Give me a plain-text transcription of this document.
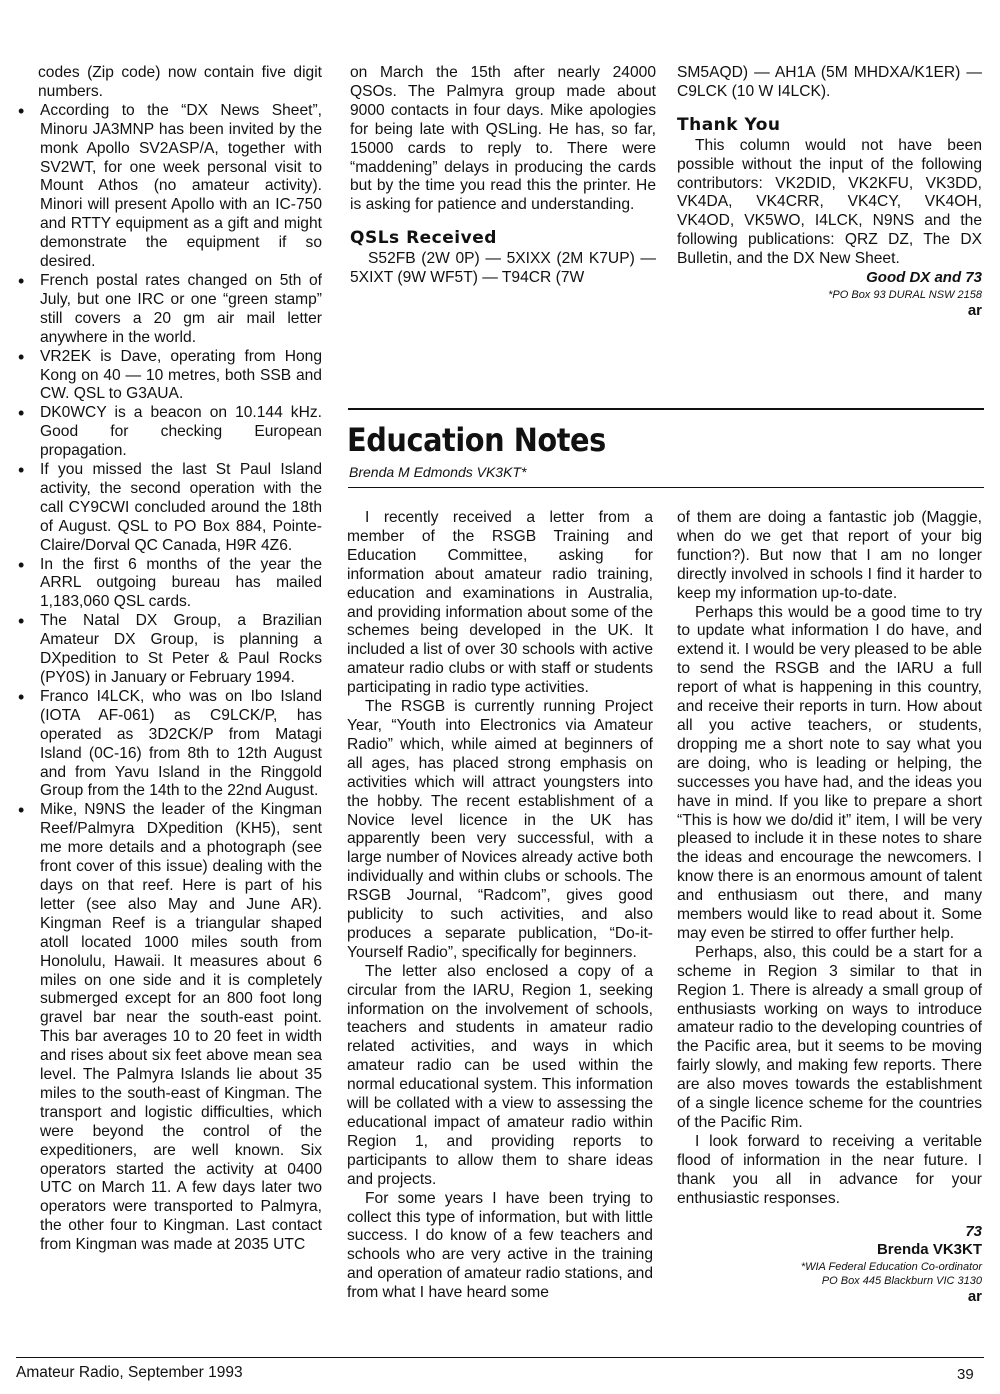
codes (Zip code) now contain five digit numbers.

• According to the “DX News Sheet”, Minoru JA3MNP has been invited by the monk Apollo SV2ASP/A, together with SV2WT, for one week personal visit to Mount Athos (no amateur activity). Minori will present Apollo with an IC-750 and RTTY equipment as a gift and might demonstrate the equipment if so desired.
• French postal rates changed on 5th of July, but one IRC or one “green stamp” still covers a 20 gm air mail letter anywhere in the world.
• VR2EK is Dave, operating from Hong Kong on 40 — 10 metres, both SSB and CW. QSL to G3AUA.
• DK0WCY is a beacon on 10.144 kHz. Good for checking European propagation.
• If you missed the last St Paul Island activity, the second operation with the call CY9CWI concluded around the 18th of August. QSL to PO Box 884, Pointe-Claire/Dorval QC Canada, H9R 4Z6.
• In the first 6 months of the year the ARRL outgoing bureau has mailed 1,183,060 QSL cards.
• The Natal DX Group, a Brazilian Amateur DX Group, is planning a DXpedition to St Peter & Paul Rocks (PY0S) in January or February 1994.
• Franco I4LCK, who was on Ibo Island (IOTA AF-061) as C9LCK/P, has operated as 3D2CK/P from Matagi Island (0C-16) from 8th to 12th August and from Yavu Island in the Ringgold Group from the 14th to the 22nd August.
• Mike, N9NS the leader of the Kingman Reef/Palmyra DXpedition (KH5), sent me more details and a photograph (see front cover of this issue) dealing with the days on that reef. Here is part of his letter (see also May and June AR). Kingman Reef is a triangular shaped atoll located 1000 miles south from Honolulu, Hawaii. It measures about 6 miles on one side and it is completely submerged except for an 800 foot long gravel bar near the south-east point. This bar averages 10 to 20 feet in width and rises about six feet above mean sea level. The Palmyra Islands lie about 35 miles to the south-east of Kingman. The transport and logistic difficulties, which were beyond the control of the expeditioners, are well known. Six operators started the activity at 0400 UTC on March 11. A few days later two operators were transported to Palmyra, the other four to Kingman. Last contact from Kingman was made at 2035 UTC

on March the 15th after nearly 24000 QSOs. The Palmyra group made about 9000 contacts in four days. Mike apologies for being late with QSLing. He has, so far, 15000 cards to reply to. There were “maddening” delays in producing the cards but by the time you read this the printer. He is asking for patience and understanding.

QSLs Received

S52FB (2W 0P) — 5XIXX (2M K7UP) — 5XIXT (9W WF5T) — T94CR (7W

SM5AQD) — AH1A (5M MHDXA/K1ER) — C9LCK (10 W I4LCK).

Thank You

This column would not have been possible without the input of the following contributors: VK2DID, VK2KFU, VK3DD, VK4DA, VK4CRR, VK4CY, VK4OH, VK4OD, VK5WO, I4LCK, N9NS and the following publications: QRZ DZ, The DX Bulletin, and the DX New Sheet.

Good DX and 73
*PO Box 93 DURAL NSW 2158
ar
Education Notes
Brenda M Edmonds VK3KT*

I recently received a letter from a member of the RSGB Training and Education Committee, asking for information about amateur radio training, education and examinations in Australia, and providing information about some of the schemes being developed in the UK. It included a list of over 30 schools with active amateur radio clubs or with staff or students participating in radio type activities.

The RSGB is currently running Project Year, “Youth into Electronics via Amateur Radio” which, while aimed at beginners of all ages, has placed strong emphasis on activities which will attract youngsters into the hobby. The recent establishment of a Novice level licence in the UK has apparently been very successful, with a large number of Novices already active both individually and within clubs or schools. The RSGB Journal, “Radcom”, gives good publicity to such activities, and also produces a separate publication, “Do-it-Yourself Radio”, specifically for beginners.

The letter also enclosed a copy of a circular from the IARU, Region 1, seeking information on the involvement of schools, teachers and students in amateur radio related activities, and ways in which amateur radio can be used within the normal educational system. This information will be collated with a view to assessing the educational impact of amateur radio within Region 1, and providing reports to participants to allow them to share ideas and projects.

For some years I have been trying to collect this type of information, but with little success. I do know of a few teachers and schools who are very active in the training and operation of amateur radio stations, and from what I have heard some

of them are doing a fantastic job (Maggie, when do we get that report of your big function?). But now that I am no longer directly involved in schools I find it harder to keep my information up-to-date.

Perhaps this would be a good time to try to update what information I do have, and extend it. I would be very pleased to be able to send the RSGB and the IARU a full report of what is happening in this country, and receive their reports in turn. How about all you active teachers, or students, dropping me a short note to say what you are doing, who is leading or helping, the successes you have had, and the ideas you have in mind. If you like to prepare a short “This is how we do/did it” item, I will be very pleased to include it in these notes to share the ideas and encourage the newcomers. I know there is an enormous amount of talent and enthusiasm out there, and many members would like to read about it. Some may even be stirred to offer further help.

Perhaps, also, this could be a start for a scheme in Region 3 similar to that in Region 1. There is already a small group of enthusiasts working on ways to introduce amateur radio to the developing countries of the Pacific area, but it seems to be moving fairly slowly, and making few reports. There are also moves towards the establishment of a single licence scheme for the countries of the Pacific Rim.

I look forward to receiving a veritable flood of information in the near future. I thank you all in advance for your enthusiastic responses.

73
Brenda VK3KT
*WIA Federal Education Co-ordinator
PO Box 445 Blackburn VIC 3130
ar
Amateur Radio, September 1993	39
